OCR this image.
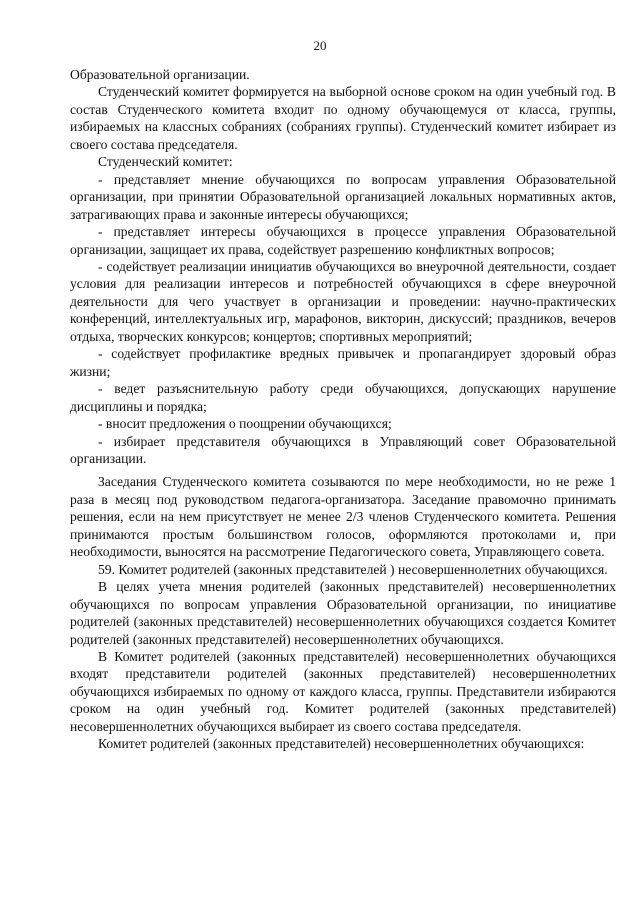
20

Образовательной организации.

Студенческий комитет формируется на выборной основе сроком на один учебный год. В состав Студенческого комитета входит по одному обучающемуся от класса, группы, избираемых на классных собраниях (собраниях группы). Студенческий комитет избирает из своего состава председателя.

Студенческий комитет:

- представляет мнение обучающихся по вопросам управления Образовательной организации, при принятии Образовательной организацией локальных нормативных актов, затрагивающих права и законные интересы обучающихся;

- представляет интересы обучающихся в процессе управления Образовательной организации, защищает их права, содействует разрешению конфликтных вопросов;

- содействует реализации инициатив обучающихся во внеурочной деятельности, создает условия для реализации интересов и потребностей обучающихся в сфере внеурочной деятельности для чего участвует в организации и проведении: научно-практических конференций, интеллектуальных игр, марафонов, викторин, дискуссий; праздников, вечеров отдыха, творческих конкурсов; концертов; спортивных мероприятий;

- содействует профилактике вредных привычек и пропагандирует здоровый образ жизни;

- ведет разъяснительную работу среди обучающихся, допускающих нарушение дисциплины и порядка;

- вносит предложения о поощрении обучающихся;

- избирает представителя обучающихся в Управляющий совет Образовательной организации.

Заседания Студенческого комитета созываются по мере необходимости, но не реже 1 раза в месяц под руководством педагога-организатора. Заседание правомочно принимать решения, если на нем присутствует не менее 2/3 членов Студенческого комитета. Решения принимаются простым большинством голосов, оформляются протоколами и, при необходимости, выносятся на рассмотрение Педагогического совета, Управляющего совета.

59. Комитет родителей (законных представителей ) несовершеннолетних обучающихся.

В целях учета мнения родителей (законных представителей) несовершеннолетних обучающихся по вопросам управления Образовательной организации, по инициативе родителей (законных представителей) несовершеннолетних обучающихся создается Комитет родителей (законных представителей) несовершеннолетних обучающихся.

В Комитет родителей (законных представителей) несовершеннолетних обучающихся входят представители родителей (законных представителей) несовершеннолетних обучающихся избираемых по одному от каждого класса, группы. Представители избираются сроком на один учебный год. Комитет родителей (законных представителей) несовершеннолетних обучающихся выбирает из своего состава председателя.

Комитет родителей (законных представителей) несовершеннолетних обучающихся:
